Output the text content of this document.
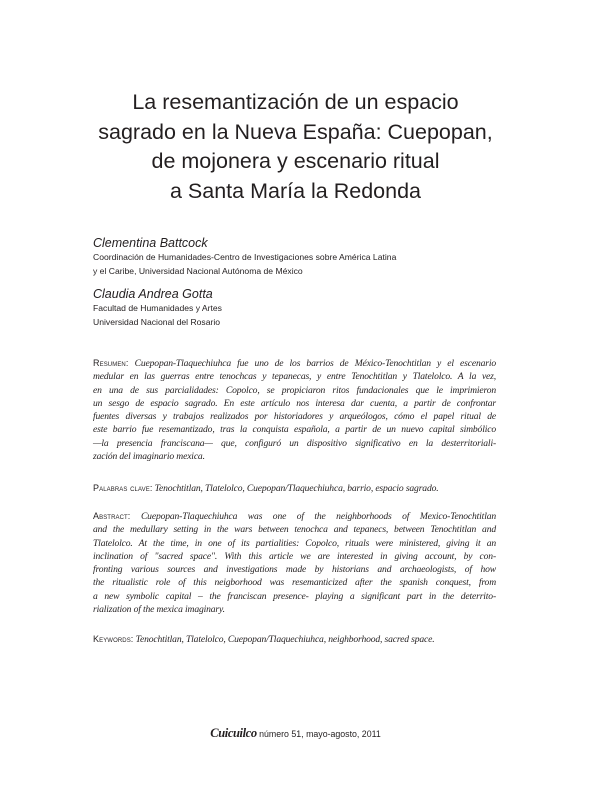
La resemantización de un espacio
sagrado en la Nueva España: Cuepopan,
de mojonera y escenario ritual
a Santa María la Redonda
Clementina Battcock
Coordinación de Humanidades-Centro de Investigaciones sobre América Latina
y el Caribe, Universidad Nacional Autónoma de México
Claudia Andrea Gotta
Facultad de Humanidades y Artes
Universidad Nacional del Rosario
Resumen: Cuepopan-Tlaquechiuhca fue uno de los barrios de México-Tenochtitlan y el escenario
medular en las guerras entre tenochcas y tepanecas, y entre Tenochtitlan y Tlatelolco. A la vez,
en una de sus parcialidades: Copolco, se propiciaron ritos fundacionales que le imprimieron
un sesgo de espacio sagrado. En este artículo nos interesa dar cuenta, a partir de confrontar
fuentes diversas y trabajos realizados por historiadores y arqueólogos, cómo el papel ritual de
este barrio fue resemantizado, tras la conquista española, a partir de un nuevo capital simbólico
—la presencia franciscana— que, configuró un dispositivo significativo en la desterritoriali-
zación del imaginario mexica.
Palabras clave: Tenochtitlan, Tlatelolco, Cuepopan/Tlaquechiuhca, barrio, espacio sagrado.
Abstract: Cuepopan-Tlaquechiuhca was one of the neighborhoods of Mexico-Tenochtitlan
and the medullary setting in the wars between tenochca and tepanecs, between Tenochtitlan and
Tlatelolco. At the time, in one of its partialities: Copolco, rituals were ministered, giving it an
inclination of "sacred space". With this article we are interested in giving account, by con-
fronting various sources and investigations made by historians and archaeologists, of how
the ritualistic role of this neigborhood was resemanticized after the spanish conquest, from
a new symbolic capital – the franciscan presence- playing a significant part in the deterrito-
rialization of the mexica imaginary.
Keywords: Tenochtitlan, Tlatelolco, Cuepopan/Tlaquechiuhca, neighborhood, sacred space.
Cuicuilco número 51, mayo-agosto, 2011
